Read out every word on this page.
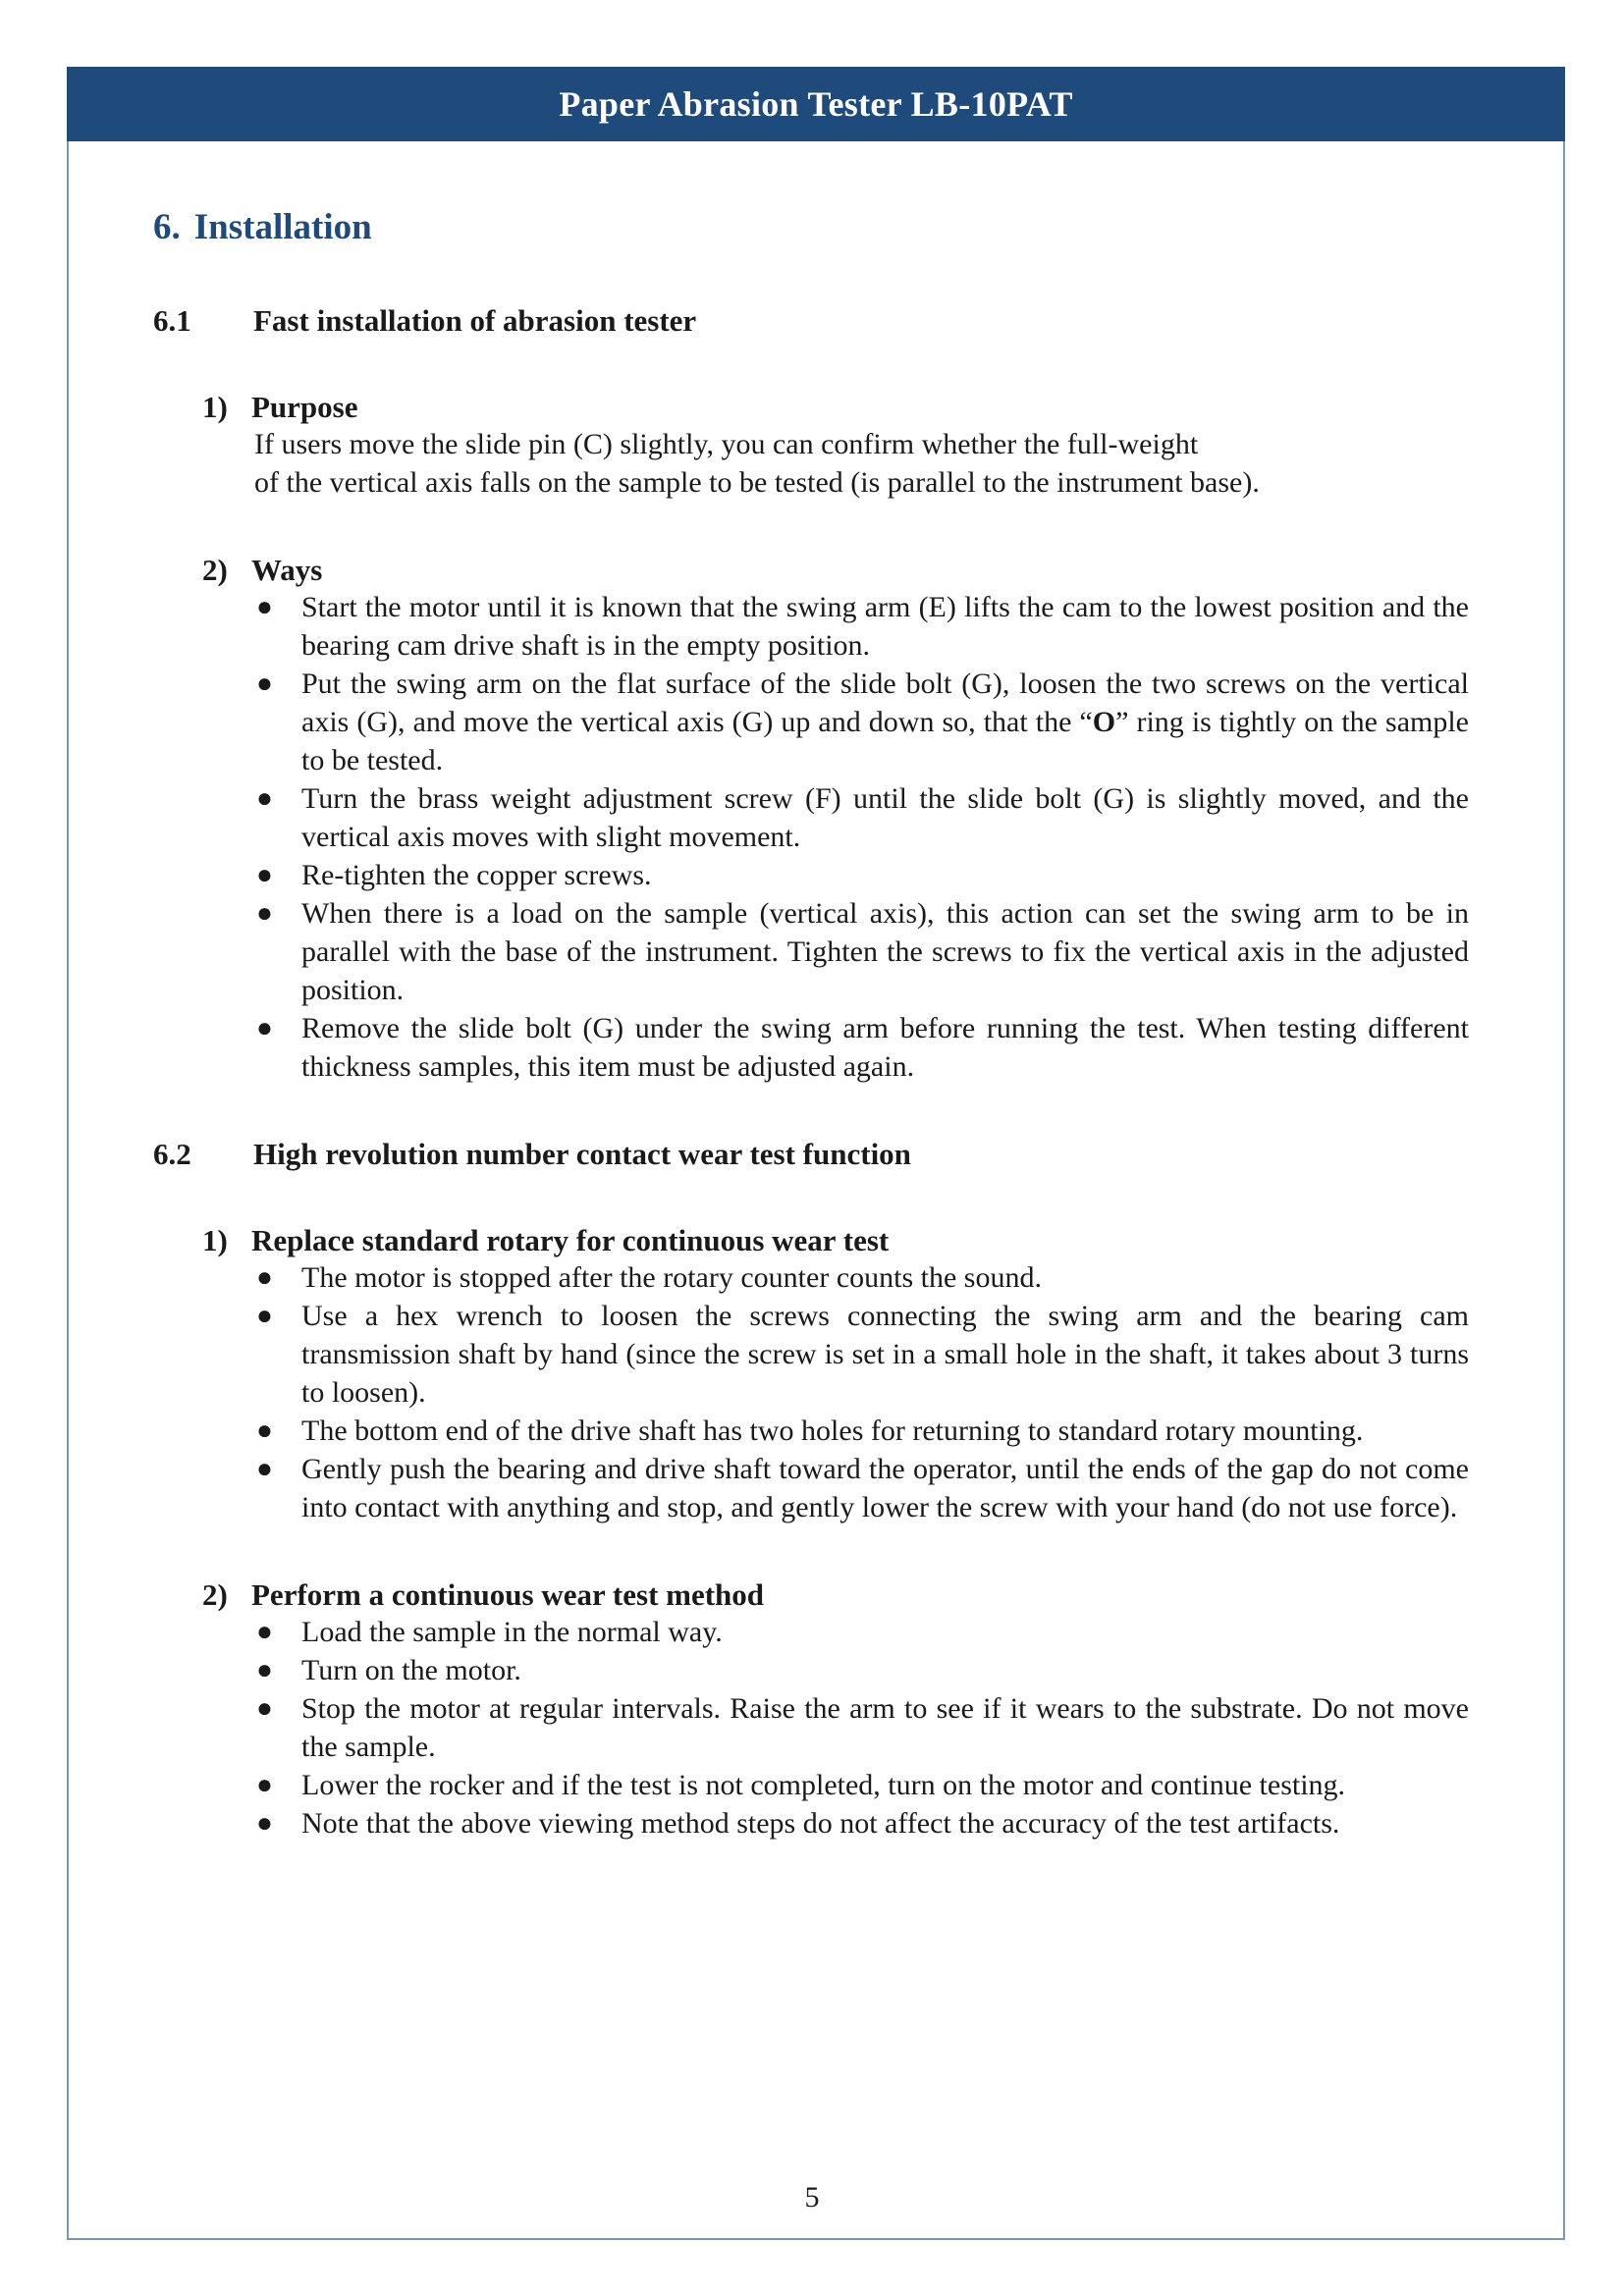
Paper Abrasion Tester LB-10PAT
6. Installation
6.1	Fast installation of abrasion tester
1) Purpose
If users move the slide pin (C) slightly, you can confirm whether the full-weight
of the vertical axis falls on the sample to be tested (is parallel to the instrument base).
2) Ways
● Start the motor until it is known that the swing arm (E) lifts the cam to the lowest position and the bearing cam drive shaft is in the empty position.
● Put the swing arm on the flat surface of the slide bolt (G), loosen the two screws on the vertical axis (G), and move the vertical axis (G) up and down so, that the “O” ring is tightly on the sample to be tested.
● Turn the brass weight adjustment screw (F) until the slide bolt (G) is slightly moved, and the vertical axis moves with slight movement.
● Re-tighten the copper screws.
● When there is a load on the sample (vertical axis), this action can set the swing arm to be in parallel with the base of the instrument. Tighten the screws to fix the vertical axis in the adjusted position.
● Remove the slide bolt (G) under the swing arm before running the test. When testing different thickness samples, this item must be adjusted again.
6.2	High revolution number contact wear test function
1) Replace standard rotary for continuous wear test
● The motor is stopped after the rotary counter counts the sound.
● Use a hex wrench to loosen the screws connecting the swing arm and the bearing cam transmission shaft by hand (since the screw is set in a small hole in the shaft, it takes about 3 turns to loosen).
● The bottom end of the drive shaft has two holes for returning to standard rotary mounting.
● Gently push the bearing and drive shaft toward the operator, until the ends of the gap do not come into contact with anything and stop, and gently lower the screw with your hand (do not use force).
2) Perform a continuous wear test method
● Load the sample in the normal way.
● Turn on the motor.
● Stop the motor at regular intervals. Raise the arm to see if it wears to the substrate. Do not move the sample.
● Lower the rocker and if the test is not completed, turn on the motor and continue testing.
● Note that the above viewing method steps do not affect the accuracy of the test artifacts.
5
